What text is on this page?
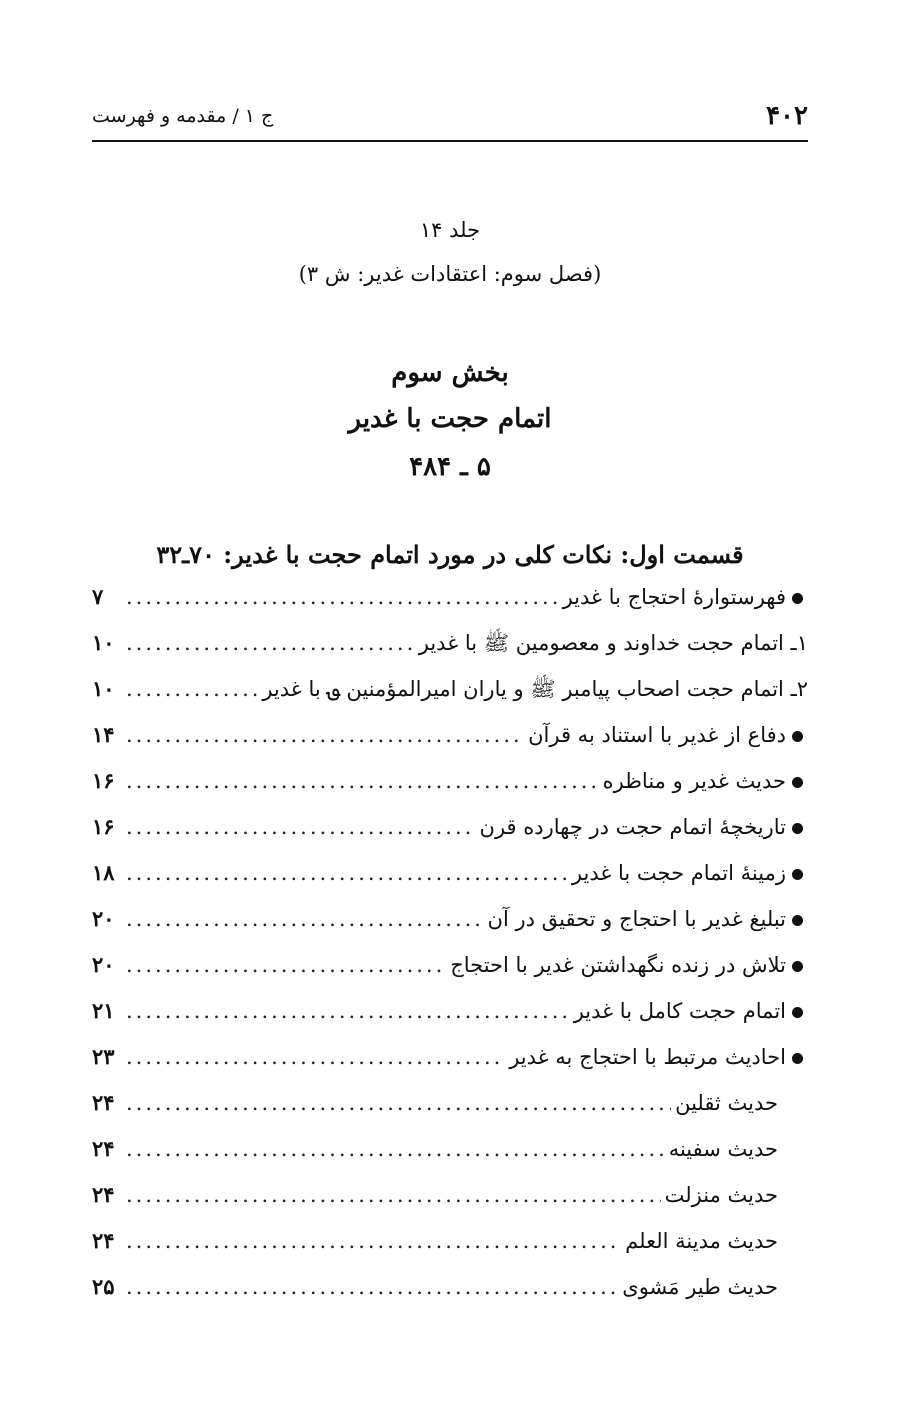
۴۰۲
ج ۱ / مقدمه و فهرست
جلد ۱۴
(فصل سوم: اعتقادات غدیر: ش ۳)
بخش سوم
اتمام حجت با غدیر
۵ ـ ۴۸۴
قسمت اول: نکات کلی در مورد اتمام حجت با غدیر: ۷۰ـ۳۲
فهرستوارۀ احتجاج با غدیر
.....
۷
۱ـ اتمام حجت خداوند و معصومین ﷺ با غدیر
.....
۱۰
۲ـ اتمام حجت اصحاب پیامبر ﷺ و یاران امیرالمؤمنین ؈ با غدیر
.....
۱۰
دفاع از غدیر با استناد به قرآن
.....
۱۴
حدیث غدیر و مناظره
.....
۱۶
تاریخچۀ اتمام حجت در چهارده قرن
.....
۱۶
زمینۀ اتمام حجت با غدیر
.....
۱۸
تبلیغ غدیر با احتجاج و تحقیق در آن
.....
۲۰
تلاش در زنده نگهداشتن غدیر با احتجاج
.....
۲۰
اتمام حجت کامل با غدیر
.....
۲۱
احادیث مرتبط با احتجاج به غدیر
.....
۲۳
حدیث ثقلین
.....
۲۴
حدیث سفینه
.....
۲۴
حدیث منزلت
.....
۲۴
حدیث مدینة العلم
.....
۲۴
حدیث طیر مَشوی
.....
۲۵
